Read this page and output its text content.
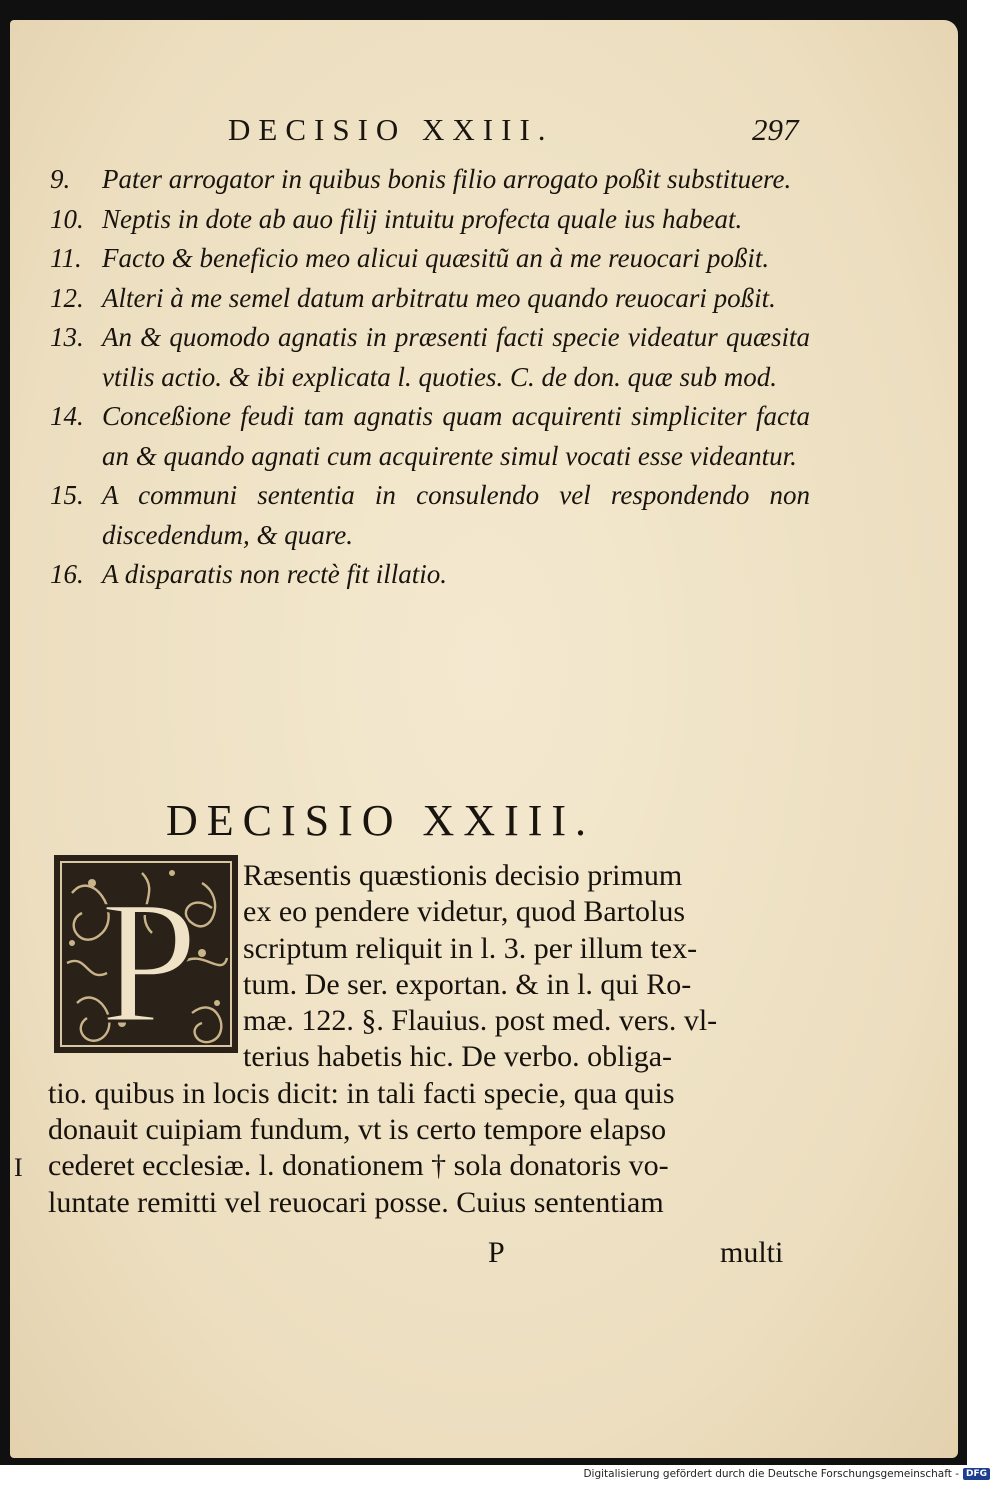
DECISIO XXIII.	297
9. Pater arrogator in quibus bonis filio arrogato poßit substituere.
10. Neptis in dote ab auo filij intuitu profecta quale ius habeat.
11. Facto & beneficio meo alicui quæsitũ an à me reuocari poßit.
12. Alteri à me semel datum arbitratu meo quando reuocari poßit.
13. An & quomodo agnatis in præsenti facti specie videatur quæsita vtilis actio. & ibi explicata l. quoties. C. de don. quæ sub mod.
14. Conceßione feudi tam agnatis quam acquirenti simpliciter facta an & quando agnati cum acquirente simul vocati esse videantur.
15. A communi sententia in consulendo vel respondendo non discedendum, & quare.
16. A disparatis non rectè fit illatio.
DECISIO XXIII.
P	Ræsentis quæstionis decisio primum
ex eo pendere videtur, quod Bartolus
scriptum reliquit in l. 3. per illum tex-
tum. De ser. exportan. & in l. qui Ro-
mæ. 122. §. Flauius. post med. vers. vl-
terius habetis hic. De verbo. obliga-
tio. quibus in locis dicit: in tali facti specie, qua quis
donauit cuipiam fundum, vt is certo tempore elapso
cederet ecclesiæ. l. donationem † sola donatoris vo-
luntate remitti vel reuocari posse. Cuius sententiam
I
P	multi
Digitalisierung gefördert durch die Deutsche Forschungsgemeinschaft - DFG
